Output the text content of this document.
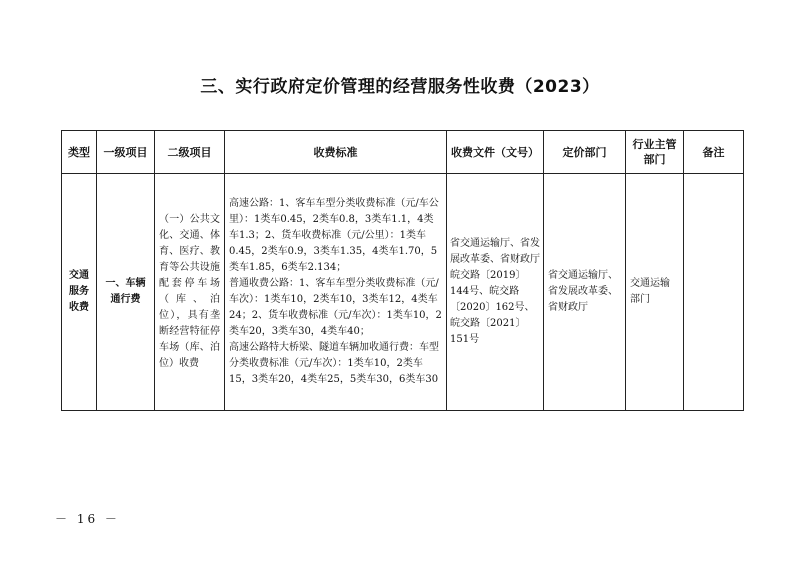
三、实行政府定价管理的经营服务性收费（2023）
类型	一级项目	二级项目	收费标准	收费文件（文号）	定价部门	行业主管部门	备注
交通服务收费	一、车辆通行费	（一）公共文化、交通、体育、医疗、教育等公共设施配套停车场（库、泊位），具有垄断经营特征停车场（库、泊位）收费	高速公路：1、客车车型分类收费标准（元/车公里）：1类车0.45，2类车0.8，3类车1.1，4类车1.3；2、货车收费标准（元/公里）：1类车0.45，2类车0.9，3类车1.35，4类车1.70，5类车1.85，6类车2.134；
普通收费公路：1、客车车型分类收费标准（元/车次）：1类车10，2类车10，3类车12，4类车24；2、货车收费标准（元/车次）：1类车10，2类车20，3类车30，4类车40；
高速公路特大桥梁、隧道车辆加收通行费：车型分类收费标准（元/车次）：1类车10，2类车15，3类车20，4类车25，5类车30，6类车30	省交通运输厅、省发展改革委、省财政厅皖交路〔2019〕144号、皖交路〔2020〕162号、皖交路〔2021〕151号	省交通运输厅、省发展改革委、省财政厅	交通运输部门	
－ 16 －
